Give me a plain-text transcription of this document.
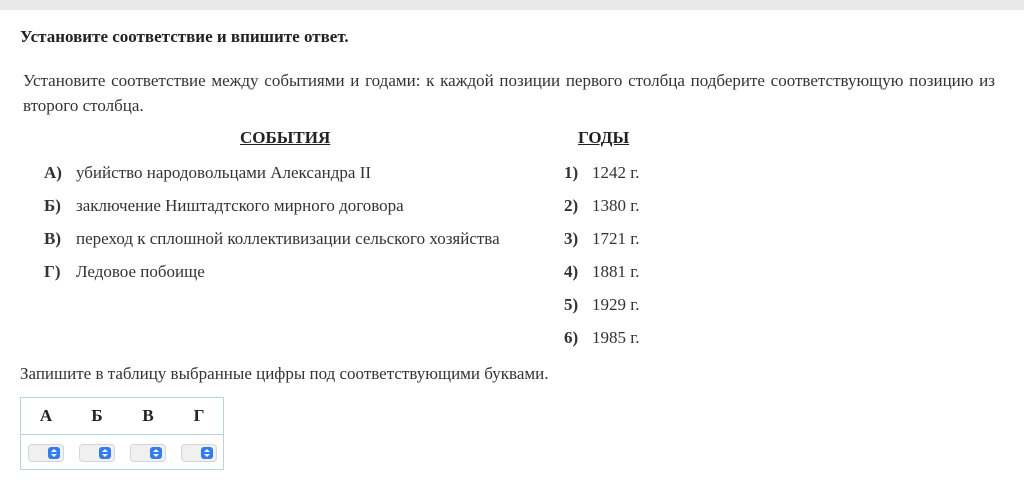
Установите соответствие и впишите ответ.
Установите соответствие между событиями и годами: к каждой позиции первого столбца подберите соответствующую позицию из второго столбца.
СОБЫТИЯ	ГОДЫ
А) убийство народовольцами Александра II
Б) заключение Ништадтского мирного договора
В) переход к сплошной коллективизации сельского хозяйства
Г) Ледовое побоище
1) 1242 г.
2) 1380 г.
3) 1721 г.
4) 1881 г.
5) 1929 г.
6) 1985 г.
Запишите в таблицу выбранные цифры под соответствующими буквами.
А	Б	В	Г
